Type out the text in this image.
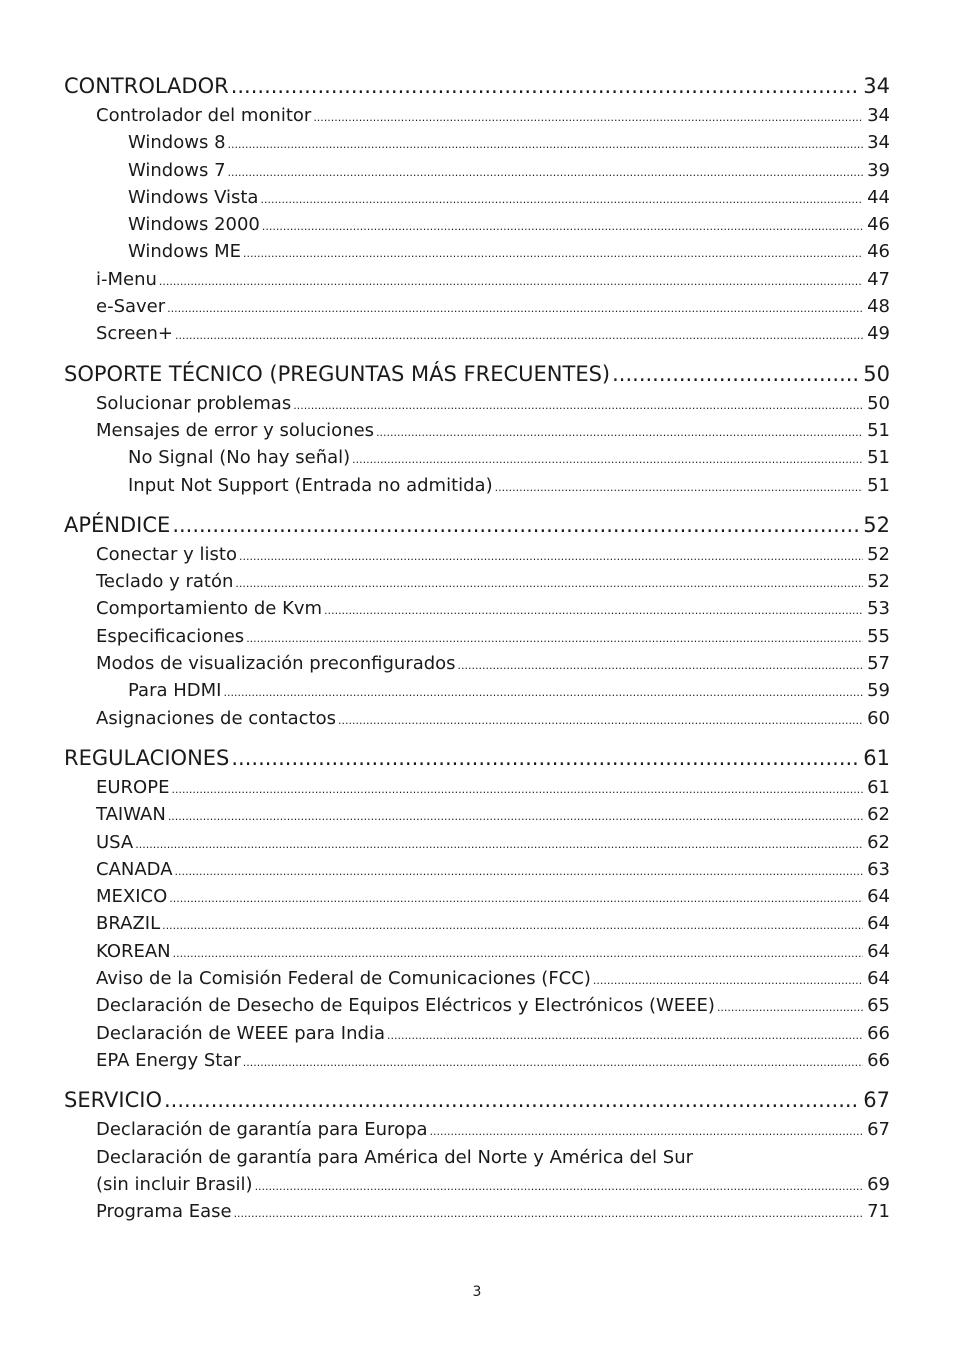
CONTROLADOR .....	34
Controlador del monitor .....	34
Windows 8 .....	34
Windows 7 .....	39
Windows Vista .....	44
Windows 2000 .....	46
Windows ME .....	46
i-Menu .....	47
e-Saver .....	48
Screen+ .....	49
SOPORTE TÉCNICO (PREGUNTAS MÁS FRECUENTES) .....	50
Solucionar problemas .....	50
Mensajes de error y soluciones .....	51
No Signal (No hay señal) .....	51
Input Not Support (Entrada no admitida) .....	51
APÉNDICE .....	52
Conectar y listo .....	52
Teclado y ratón .....	52
Comportamiento de Kvm .....	53
Especificaciones .....	55
Modos de visualización preconfigurados .....	57
Para HDMI .....	59
Asignaciones de contactos .....	60
REGULACIONES .....	61
EUROPE .....	61
TAIWAN .....	62
USA .....	62
CANADA .....	63
MEXICO .....	64
BRAZIL .....	64
KOREAN .....	64
Aviso de la Comisión Federal de Comunicaciones (FCC) .....	64
Declaración de Desecho de Equipos Eléctricos y Electrónicos (WEEE) .....	65
Declaración de WEEE para India .....	66
EPA Energy Star .....	66
SERVICIO .....	67
Declaración de garantía para Europa .....	67
Declaración de garantía para América del Norte y América del Sur
(sin incluir Brasil) .....	69
Programa Ease .....	71
3
